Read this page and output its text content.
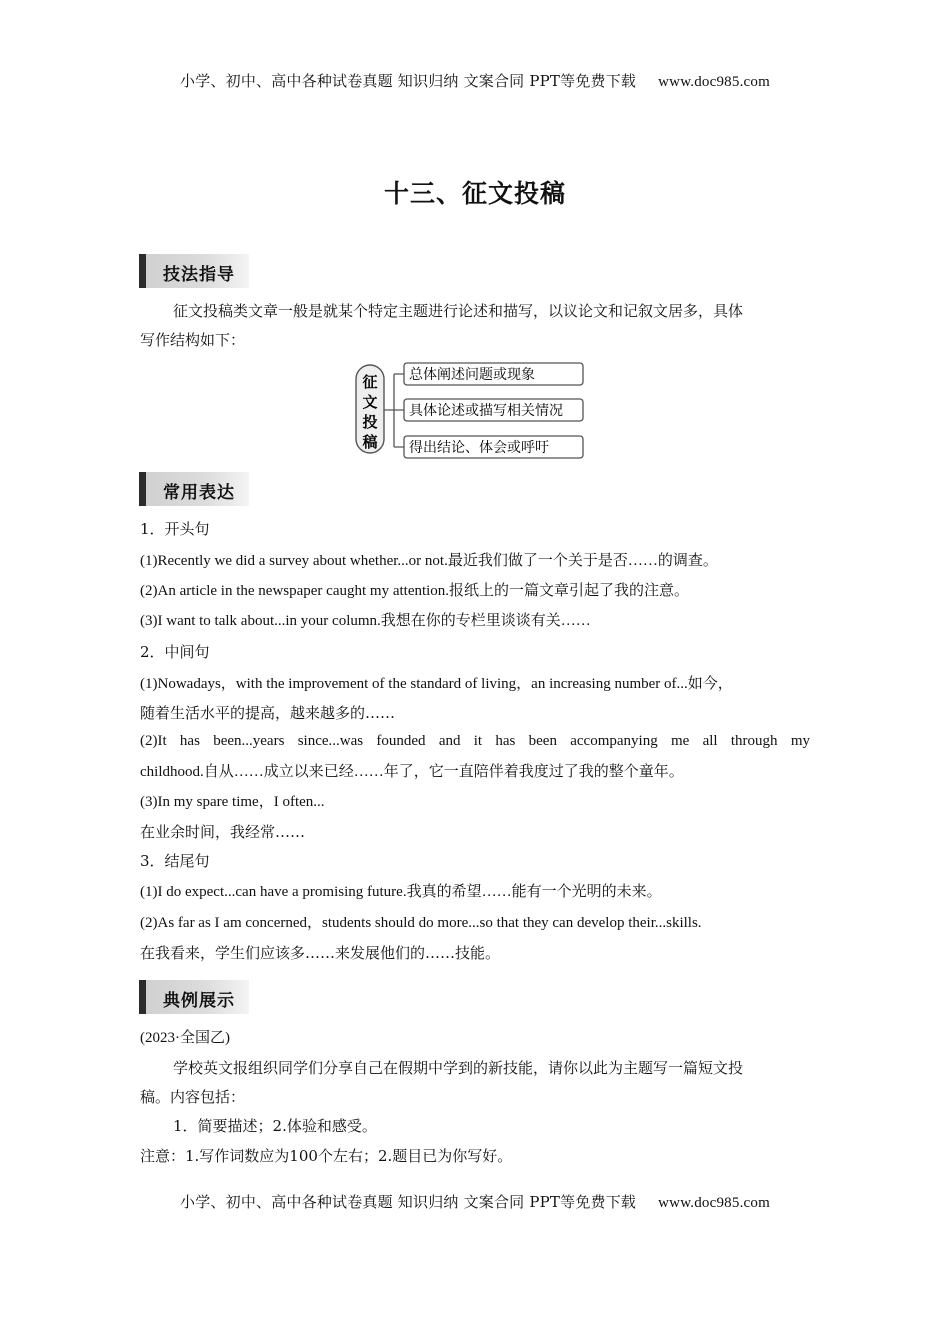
小学、初中、高中各种试卷真题 知识归纳 文案合同 PPT等免费下载 www.doc985.com
十三、征文投稿
技法指导
征文投稿类文章一般是就某个特定主题进行论述和描写，以议论文和记叙文居多，具体
写作结构如下：
征
文
投
稿
总体阐述问题或现象
具体论述或描写相关情况
得出结论、体会或呼吁
常用表达
1．开头句
(1)Recently we did a survey about whether...or not.最近我们做了一个关于是否……的调查。
(2)An article in the newspaper caught my attention.报纸上的一篇文章引起了我的注意。
(3)I want to talk about...in your column.我想在你的专栏里谈谈有关……
2．中间句
(1)Nowadays，with the improvement of the standard of living，an increasing number of...如今，
随着生活水平的提高，越来越多的……
(2)It has been...years since...was founded and it has been accompanying me all through my
childhood.自从……成立以来已经……年了，它一直陪伴着我度过了我的整个童年。
(3)In my spare time，I often...
在业余时间，我经常……
3．结尾句
(1)I do expect...can have a promising future.我真的希望……能有一个光明的未来。
(2)As far as I am concerned，students should do more...so that they can develop their...skills.
在我看来，学生们应该多……来发展他们的……技能。
典例展示
(2023·全国乙)
学校英文报组织同学们分享自己在假期中学到的新技能，请你以此为主题写一篇短文投
稿。内容包括：
1．简要描述；2.体验和感受。
注意：1.写作词数应为100个左右；2.题目已为你写好。
小学、初中、高中各种试卷真题 知识归纳 文案合同 PPT等免费下载 www.doc985.com
